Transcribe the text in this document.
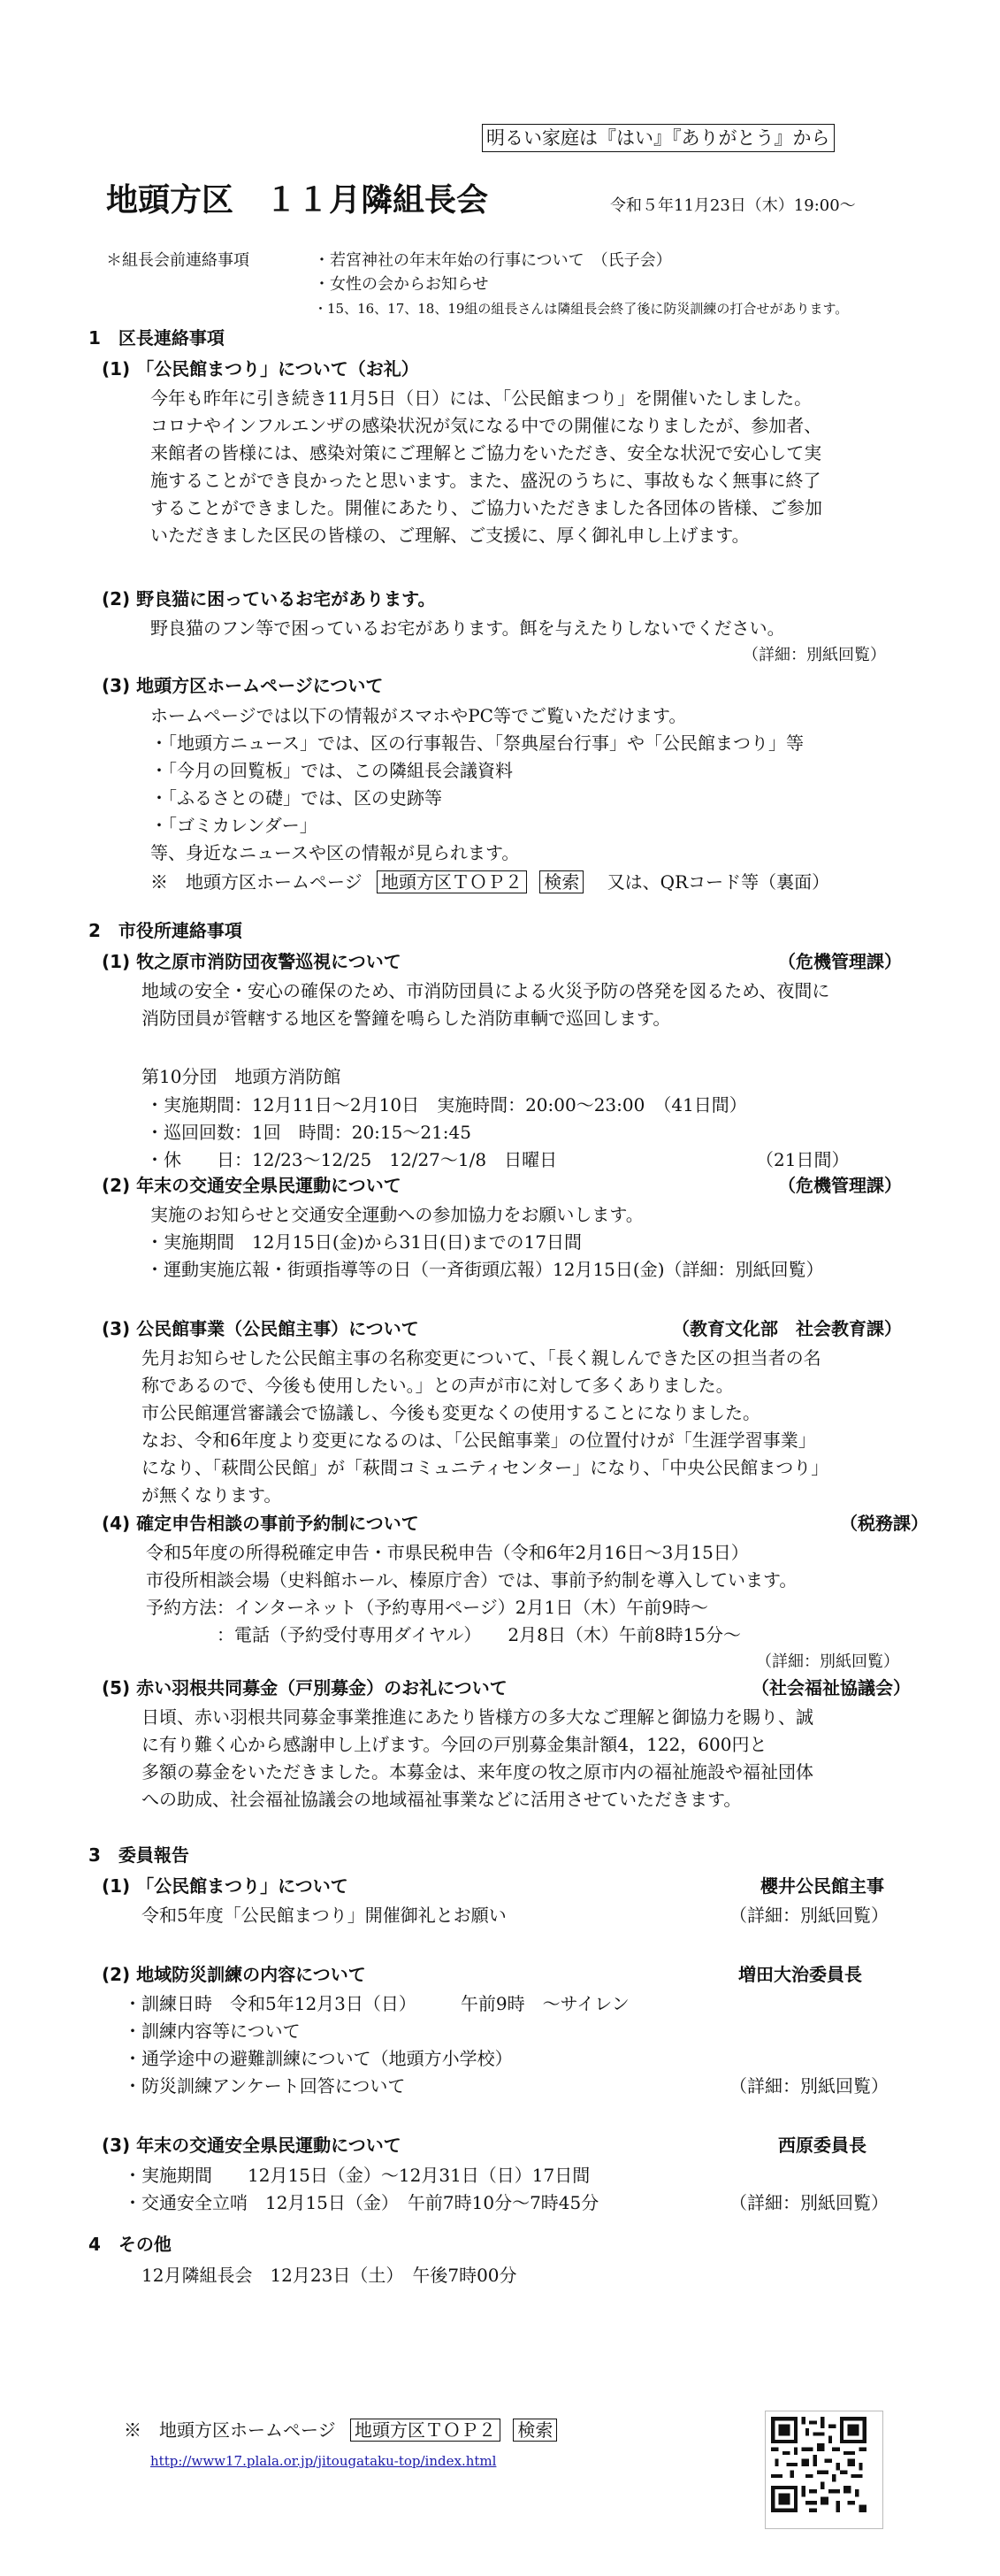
明るい家庭は『はい』『ありがとう』から
地頭方区　１１月隣組長会	令和５年11月23日（木）19:00～
＊組長会前連絡事項	・若宮神社の年末年始の行事について　（氏子会）
・女性の会からお知らせ
・15、16、17、18、19組の組長さんは隣組長会終了後に防災訓練の打合せがあります。
1　区長連絡事項
(1) 「公民館まつり」について（お礼）
今年も昨年に引き続き11月5日（日）には、「公民館まつり」を開催いたしました。
コロナやインフルエンザの感染状況が気になる中での開催になりましたが、参加者、
来館者の皆様には、感染対策にご理解とご協力をいただき、安全な状況で安心して実
施することができ良かったと思います。また、盛況のうちに、事故もなく無事に終了
することができました。開催にあたり、ご協力いただきました各団体の皆様、ご参加
いただきました区民の皆様の、ご理解、ご支援に、厚く御礼申し上げます。
(2) 野良猫に困っているお宅があります。
野良猫のフン等で困っているお宅があります。餌を与えたりしないでください。
（詳細：別紙回覧）
(3) 地頭方区ホームページについて
ホームページでは以下の情報がスマホやPC等でご覧いただけます。
・「地頭方ニュース」では、区の行事報告、「祭典屋台行事」や「公民館まつり」等
・「今月の回覧板」では、この隣組長会議資料
・「ふるさとの礎」では、区の史跡等
・「ゴミカレンダー」
等、身近なニュースや区の情報が見られます。
※　地頭方区ホームページ 地頭方区ＴＯＰ２ 検索 又は、QRコード等（裏面）
2　市役所連絡事項
(1) 牧之原市消防団夜警巡視について	（危機管理課）
地域の安全・安心の確保のため、市消防団員による火災予防の啓発を図るため、夜間に
消防団員が管轄する地区を警鐘を鳴らした消防車輌で巡回します。
第10分団　地頭方消防館
・実施期間：12月11日～2月10日　実施時間：20:00～23:00　（41日間）
・巡回回数：1回　時間：20:15～21:45
・休　　日：12/23～12/25　12/27～1/8　日曜日	（21日間）
(2) 年末の交通安全県民運動について	（危機管理課）
実施のお知らせと交通安全運動への参加協力をお願いします。
・実施期間　12月15日(金)から31日(日)までの17日間
・運動実施広報・街頭指導等の日（一斉街頭広報）12月15日(金)（詳細：別紙回覧）
(3) 公民館事業（公民館主事）について	（教育文化部　社会教育課）
先月お知らせした公民館主事の名称変更について、「長く親しんできた区の担当者の名
称であるので、今後も使用したい。」との声が市に対して多くありました。
市公民館運営審議会で協議し、今後も変更なくの使用することになりました。
なお、令和6年度より変更になるのは、「公民館事業」の位置付けが「生涯学習事業」
になり、「萩間公民館」が「萩間コミュニティセンター」になり、「中央公民館まつり」
が無くなります。
(4) 確定申告相談の事前予約制について	（税務課）
令和5年度の所得税確定申告・市県民税申告（令和6年2月16日～3月15日）
市役所相談会場（史料館ホール、榛原庁舎）では、事前予約制を導入しています。
予約方法：インターネット（予約専用ページ）2月1日（木）午前9時～
　　　　：電話（予約受付専用ダイヤル）　　2月8日（木）午前8時15分～
（詳細：別紙回覧）
(5) 赤い羽根共同募金（戸別募金）のお礼について	（社会福祉協議会）
日頃、赤い羽根共同募金事業推進にあたり皆様方の多大なご理解と御協力を賜り、誠
に有り難く心から感謝申し上げます。今回の戸別募金集計額4，122，600円と
多額の募金をいただきました。本募金は、来年度の牧之原市内の福祉施設や福祉団体
への助成、社会福祉協議会の地域福祉事業などに活用させていただきます。
3　委員報告
(1) 「公民館まつり」について	櫻井公民館主事
令和5年度「公民館まつり」開催御礼とお願い	（詳細：別紙回覧）
(2) 地域防災訓練の内容について	増田大治委員長
・訓練日時　令和5年12月3日（日）　　　午前9時　～サイレン
・訓練内容等について
・通学途中の避難訓練について（地頭方小学校）
・防災訓練アンケート回答について	（詳細：別紙回覧）
(3) 年末の交通安全県民運動について	西原委員長
・実施期間　　12月15日（金）～12月31日（日）17日間
・交通安全立哨　12月15日（金）　午前7時10分～7時45分	（詳細：別紙回覧）
4　その他
12月隣組長会　12月23日（土）　午後7時00分
※　地頭方区ホームページ 地頭方区ＴＯＰ２ 検索
http://www17.plala.or.jp/jitougataku-top/index.html
